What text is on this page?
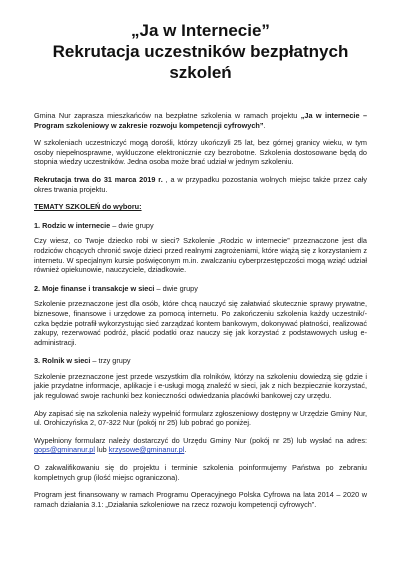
„Ja w Internecie”
Rekrutacja uczestników bezpłatnych szkoleń

Gmina Nur zaprasza mieszkańców na bezpłatne szkolenia w ramach projektu „Ja w internecie – Program szkoleniowy w zakresie rozwoju kompetencji cyfrowych”.

W szkoleniach uczestniczyć mogą dorośli, którzy ukończyli 25 lat, bez górnej granicy wieku, w tym osoby niepełnosprawne, wykluczone elektronicznie czy bezrobotne. Szkolenia dostosowane będą do stopnia wiedzy uczestników. Jedna osoba może brać udział w jednym szkoleniu.

Rekrutacja trwa do 31 marca 2019 r. , a w przypadku pozostania wolnych miejsc także przez cały okres trwania projektu.

TEMATY SZKOLEŃ do wyboru:

1. Rodzic w internecie – dwie grupy

Czy wiesz, co Twoje dziecko robi w sieci? Szkolenie „Rodzic w internecie” przeznaczone jest dla rodziców chcących chronić swoje dzieci przed realnymi zagrożeniami, które wiążą się z korzystaniem z internetu. W specjalnym kursie poświęconym m.in. zwalczaniu cyberprzestępczości mogą wziąć udział również opiekunowie, nauczyciele, dziadkowie.

2. Moje finanse i transakcje w sieci – dwie grupy

Szkolenie przeznaczone jest dla osób, które chcą nauczyć się załatwiać skutecznie sprawy prywatne, biznesowe, finansowe i urzędowe za pomocą internetu. Po zakończeniu szkolenia każdy uczestnik/-czka będzie potrafił wykorzystując sieć zarządzać kontem bankowym, dokonywać płatności, realizować zakupy, rezerwować podróż, płacić podatki oraz nauczy się jak korzystać z podstawowych usług e-administracji.

3. Rolnik w sieci – trzy grupy

Szkolenie przeznaczone jest przede wszystkim dla rolników, którzy na szkoleniu dowiedzą się gdzie i jakie przydatne informacje, aplikacje i e-usługi mogą znaleźć w sieci, jak z nich bezpiecznie korzystać, jak regulować swoje rachunki bez konieczności odwiedzania placówki bankowej czy urzędu.

Aby zapisać się na szkolenia należy wypełnić formularz zgłoszeniowy dostępny w Urzędzie Gminy Nur, ul. Orohiczyńska 2, 07-322 Nur (pokój nr 25) lub pobrać go poniżej.

Wypełniony formularz należy dostarczyć do Urzędu Gminy Nur (pokój nr 25) lub wysłać na adres: gops@gminanur.pl lub krzysowe@gminanur.pl.

O zakwalifikowaniu się do projektu i terminie szkolenia poinformujemy Państwa po zebraniu kompletnych grup (ilość miejsc ograniczona).

Program jest finansowany w ramach Programu Operacyjnego Polska Cyfrowa na lata 2014 – 2020 w ramach działania 3.1: „Działania szkoleniowe na rzecz rozwoju kompetencji cyfrowych”.
